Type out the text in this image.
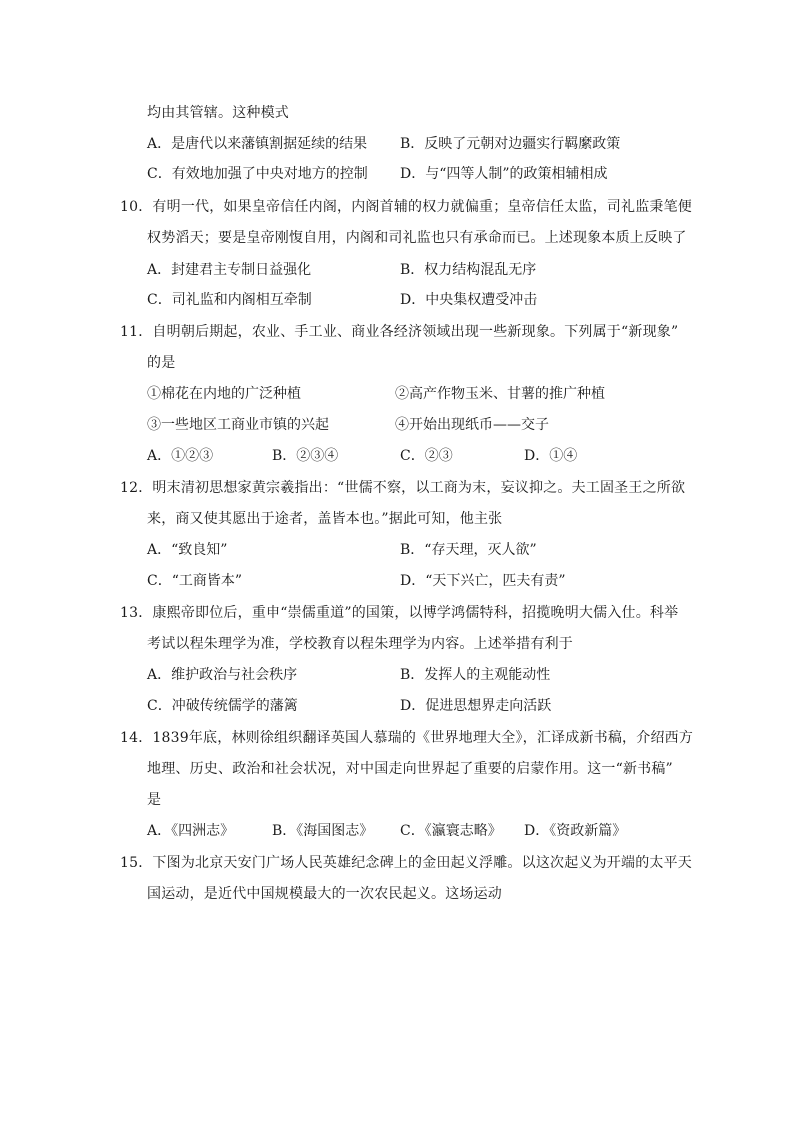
均由其管辖。这种模式
A．是唐代以来藩镇割据延续的结果 B．反映了元朝对边疆实行羁縻政策
C．有效地加强了中央对地方的控制 D．与“四等人制”的政策相辅相成
10．有明一代，如果皇帝信任内阁，内阁首辅的权力就偏重；皇帝信任太监，司礼监秉笔便
权势滔天；要是皇帝刚愎自用，内阁和司礼监也只有承命而已。上述现象本质上反映了
A．封建君主专制日益强化	B．权力结构混乱无序
C．司礼监和内阁相互牵制	D．中央集权遭受冲击
11．自明朝后期起，农业、手工业、商业各经济领域出现一些新现象。下列属于“新现象”
的是
①棉花在内地的广泛种植	②高产作物玉米、甘薯的推广种植
③一些地区工商业市镇的兴起	④开始出现纸币——交子
A．①②③	B．②③④	C．②③	D．①④
12．明末清初思想家黄宗羲指出：“世儒不察，以工商为末，妄议抑之。夫工固圣王之所欲
来，商又使其愿出于途者，盖皆本也。”据此可知，他主张
A．“致良知”	B．“存天理，灭人欲”
C．“工商皆本”	D．“天下兴亡，匹夫有责”
13．康熙帝即位后，重申“崇儒重道”的国策，以博学鸿儒特科，招揽晚明大儒入仕。科举
考试以程朱理学为准，学校教育以程朱理学为内容。上述举措有利于
A．维护政治与社会秩序	B．发挥人的主观能动性
C．冲破传统儒学的藩篱	D．促进思想界走向活跃
14．1839年底，林则徐组织翻译英国人慕瑞的《世界地理大全》，汇译成新书稿，介绍西方
地理、历史、政治和社会状况，对中国走向世界起了重要的启蒙作用。这一“新书稿”
是
A．《四洲志》	B．《海国图志》 C．《瀛寰志略》 D．《资政新篇》
15．下图为北京天安门广场人民英雄纪念碑上的金田起义浮雕。以这次起义为开端的太平天
国运动，是近代中国规模最大的一次农民起义。这场运动
